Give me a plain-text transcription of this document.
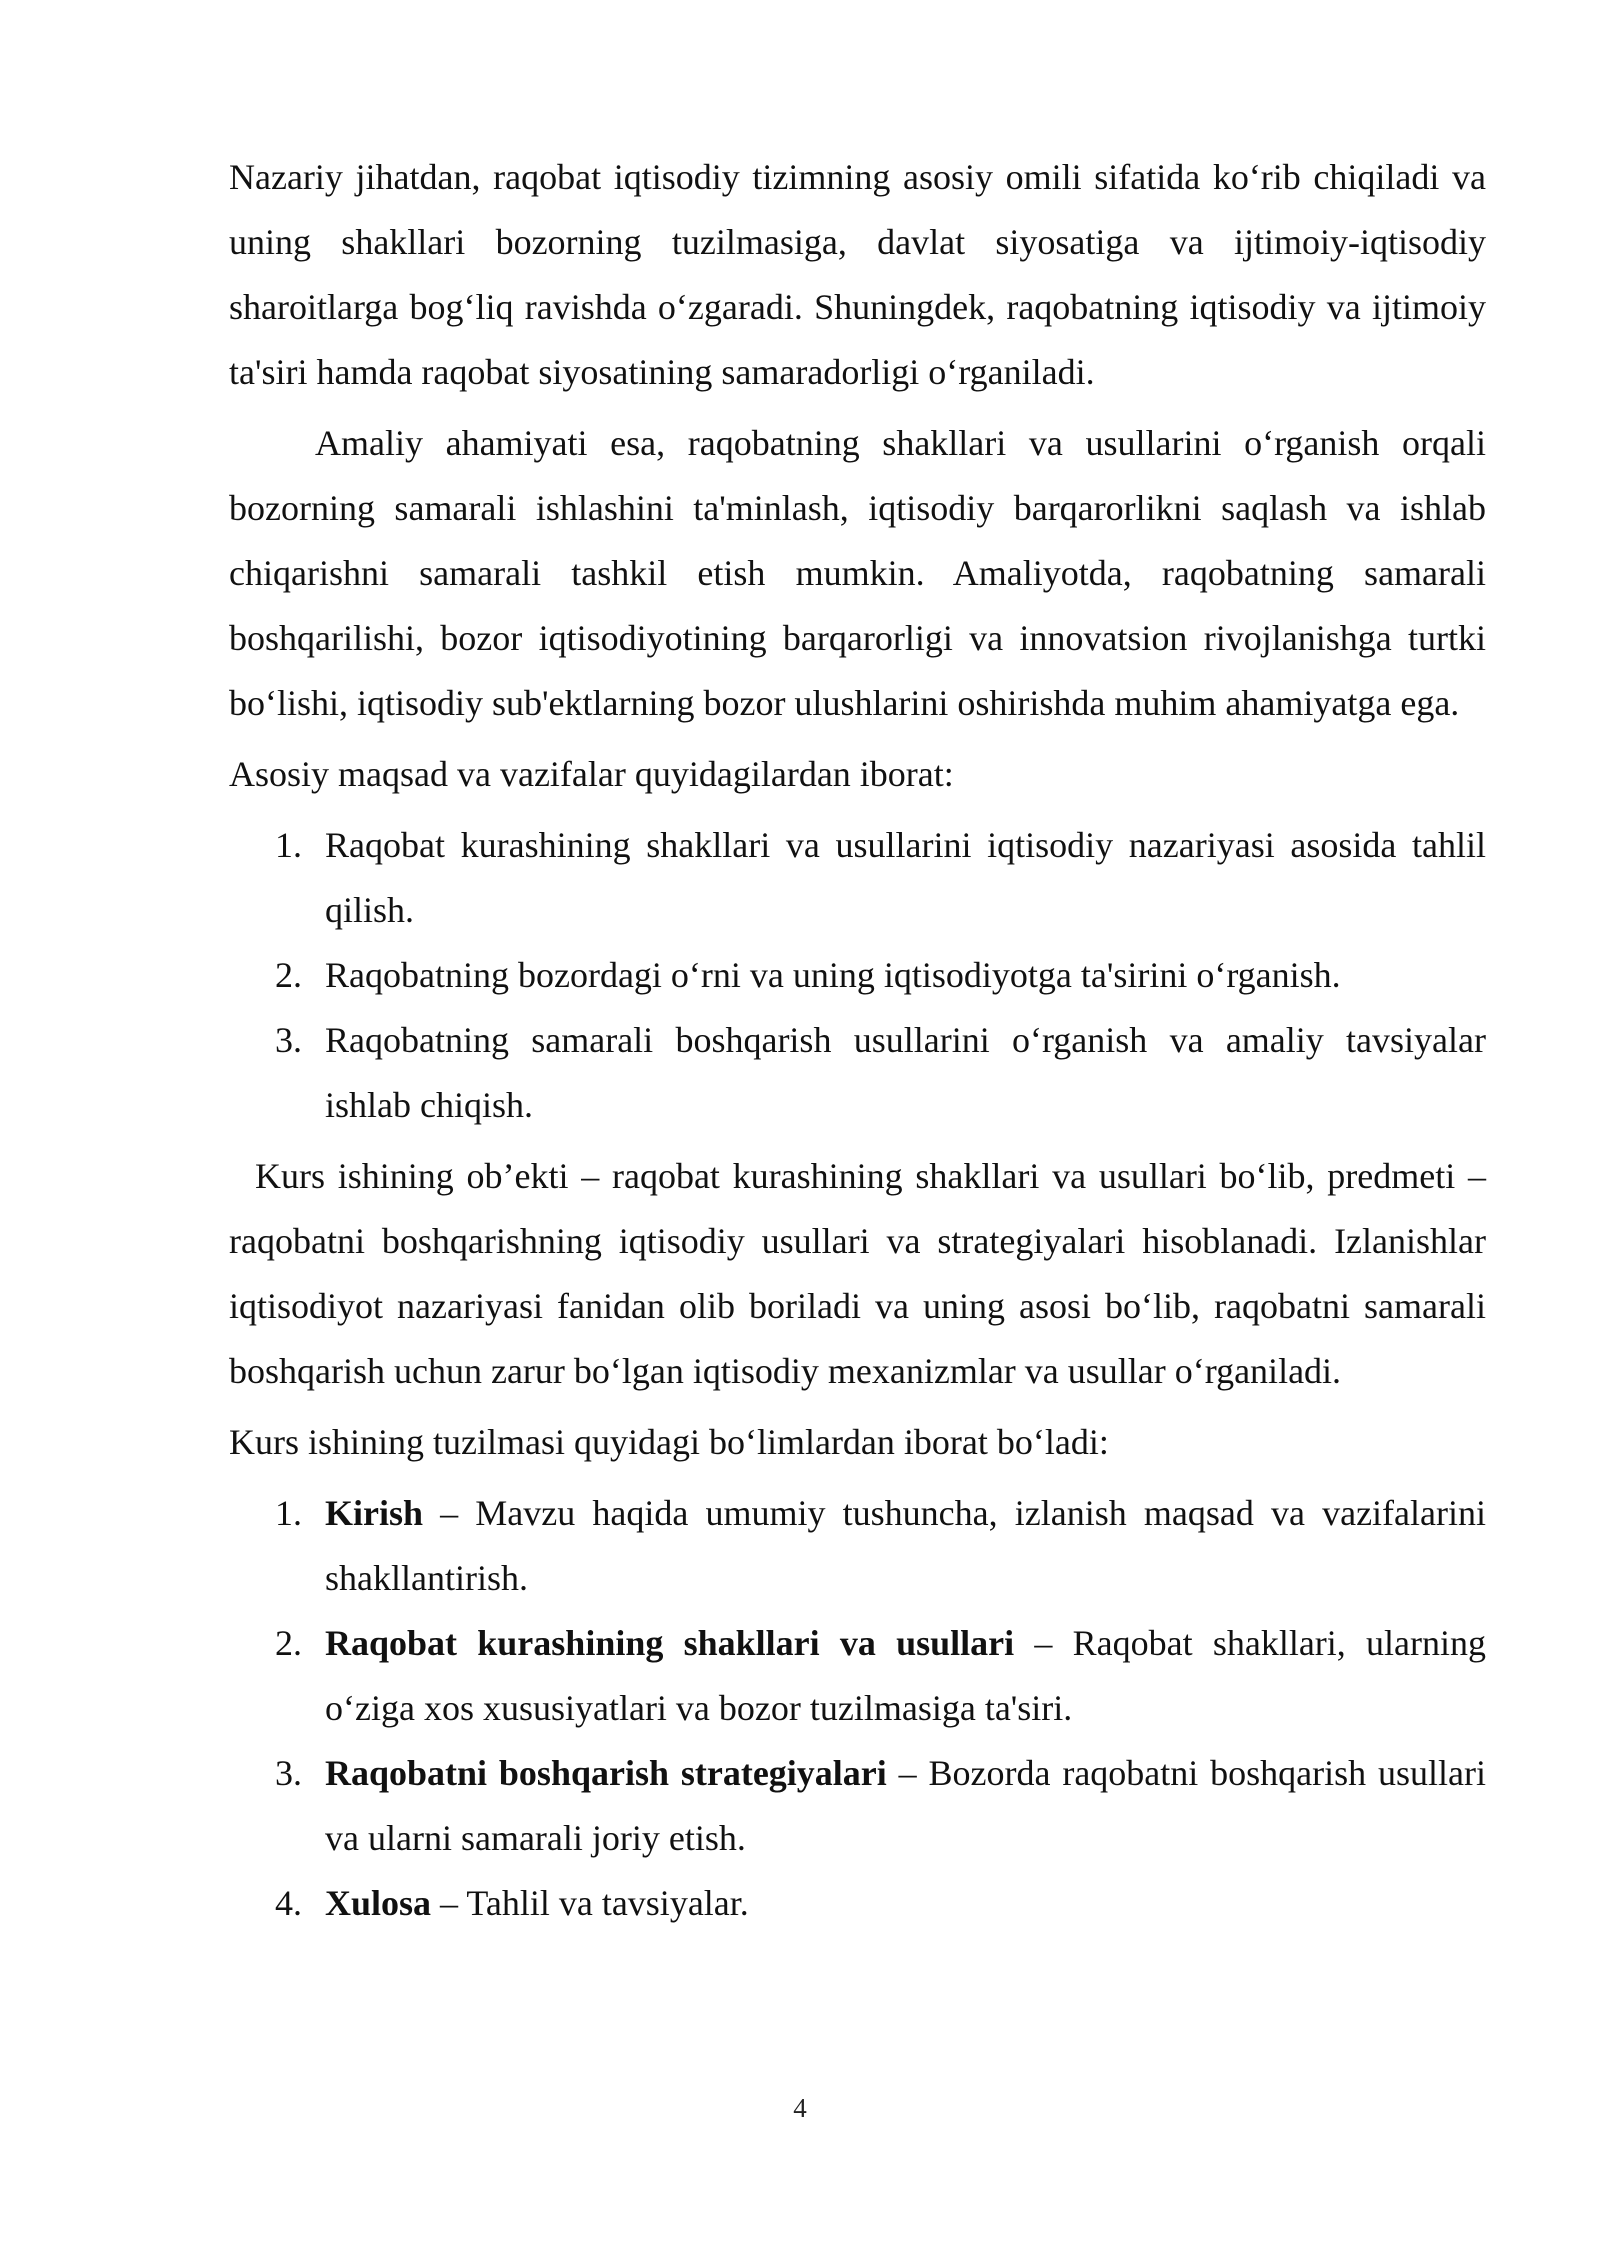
Nazariy jihatdan, raqobat iqtisodiy tizimning asosiy omili sifatida ko‘rib chiqiladi va uning shakllari bozorning tuzilmasiga, davlat siyosatiga va ijtimoiy-iqtisodiy sharoitlarga bog‘liq ravishda o‘zgaradi. Shuningdek, raqobatning iqtisodiy va ijtimoiy ta'siri hamda raqobat siyosatining samaradorligi o‘rganiladi.

Amaliy ahamiyati esa, raqobatning shakllari va usullarini o‘rganish orqali bozorning samarali ishlashini ta'minlash, iqtisodiy barqarorlikni saqlash va ishlab chiqarishni samarali tashkil etish mumkin. Amaliyotda, raqobatning samarali boshqarilishi, bozor iqtisodiyotining barqarorligi va innovatsion rivojlanishga turtki bo‘lishi, iqtisodiy sub'ektlarning bozor ulushlarini oshirishda muhim ahamiyatga ega.

Asosiy maqsad va vazifalar quyidagilardan iborat:

1. Raqobat kurashining shakllari va usullarini iqtisodiy nazariyasi asosida tahlil qilish.
2. Raqobatning bozordagi o‘rni va uning iqtisodiyotga ta'sirini o‘rganish.
3. Raqobatning samarali boshqarish usullarini o‘rganish va amaliy tavsiyalar ishlab chiqish.

Kurs ishining ob’ekti – raqobat kurashining shakllari va usullari bo‘lib, predmeti – raqobatni boshqarishning iqtisodiy usullari va strategiyalari hisoblanadi. Izlanishlar iqtisodiyot nazariyasi fanidan olib boriladi va uning asosi bo‘lib, raqobatni samarali boshqarish uchun zarur bo‘lgan iqtisodiy mexanizmlar va usullar o‘rganiladi.

Kurs ishining tuzilmasi quyidagi bo‘limlardan iborat bo‘ladi:

1. Kirish – Mavzu haqida umumiy tushuncha, izlanish maqsad va vazifalarini shakllantirish.
2. Raqobat kurashining shakllari va usullari – Raqobat shakllari, ularning o‘ziga xos xususiyatlari va bozor tuzilmasiga ta'siri.
3. Raqobatni boshqarish strategiyalari – Bozorda raqobatni boshqarish usullari va ularni samarali joriy etish.
4. Xulosa – Tahlil va tavsiyalar.
4
